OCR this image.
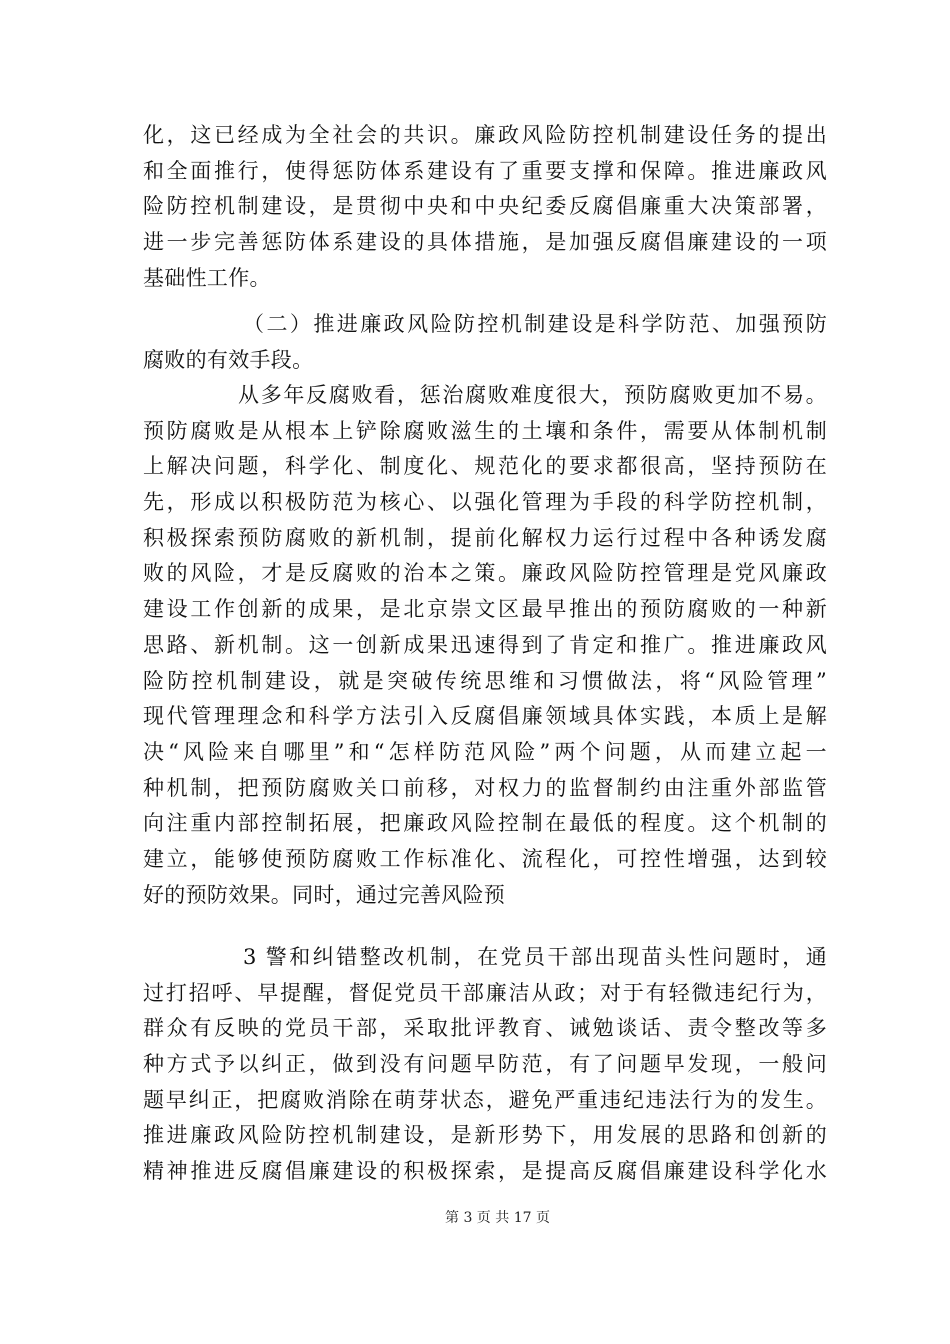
化，这已经成为全社会的共识。廉政风险防控机制建设任务的提出
和全面推行，使得惩防体系建设有了重要支撑和保障。推进廉政风
险防控机制建设，是贯彻中央和中央纪委反腐倡廉重大决策部署，
进一步完善惩防体系建设的具体措施，是加强反腐倡廉建设的一项
基础性工作。
（二）推进廉政风险防控机制建设是科学防范、加强预防
腐败的有效手段。
从多年反腐败看，惩治腐败难度很大，预防腐败更加不易。
预防腐败是从根本上铲除腐败滋生的土壤和条件，需要从体制机制
上解决问题，科学化、制度化、规范化的要求都很高，坚持预防在
先，形成以积极防范为核心、以强化管理为手段的科学防控机制，
积极探索预防腐败的新机制，提前化解权力运行过程中各种诱发腐
败的风险，才是反腐败的治本之策。廉政风险防控管理是党风廉政
建设工作创新的成果，是北京崇文区最早推出的预防腐败的一种新
思路、新机制。这一创新成果迅速得到了肯定和推广。推进廉政风
险防控机制建设，就是突破传统思维和习惯做法，将“风险管理”
现代管理理念和科学方法引入反腐倡廉领域具体实践，本质上是解
决“风险来自哪里”和“怎样防范风险”两个问题，从而建立起一
种机制，把预防腐败关口前移，对权力的监督制约由注重外部监管
向注重内部控制拓展，把廉政风险控制在最低的程度。这个机制的
建立，能够使预防腐败工作标准化、流程化，可控性增强，达到较
好的预防效果。同时，通过完善风险预
3 警和纠错整改机制，在党员干部出现苗头性问题时，通
过打招呼、早提醒，督促党员干部廉洁从政；对于有轻微违纪行为，
群众有反映的党员干部，采取批评教育、诫勉谈话、责令整改等多
种方式予以纠正，做到没有问题早防范，有了问题早发现，一般问
题早纠正，把腐败消除在萌芽状态，避免严重违纪违法行为的发生。
推进廉政风险防控机制建设，是新形势下，用发展的思路和创新的
精神推进反腐倡廉建设的积极探索，是提高反腐倡廉建设科学化水
第 3 页 共 17 页
